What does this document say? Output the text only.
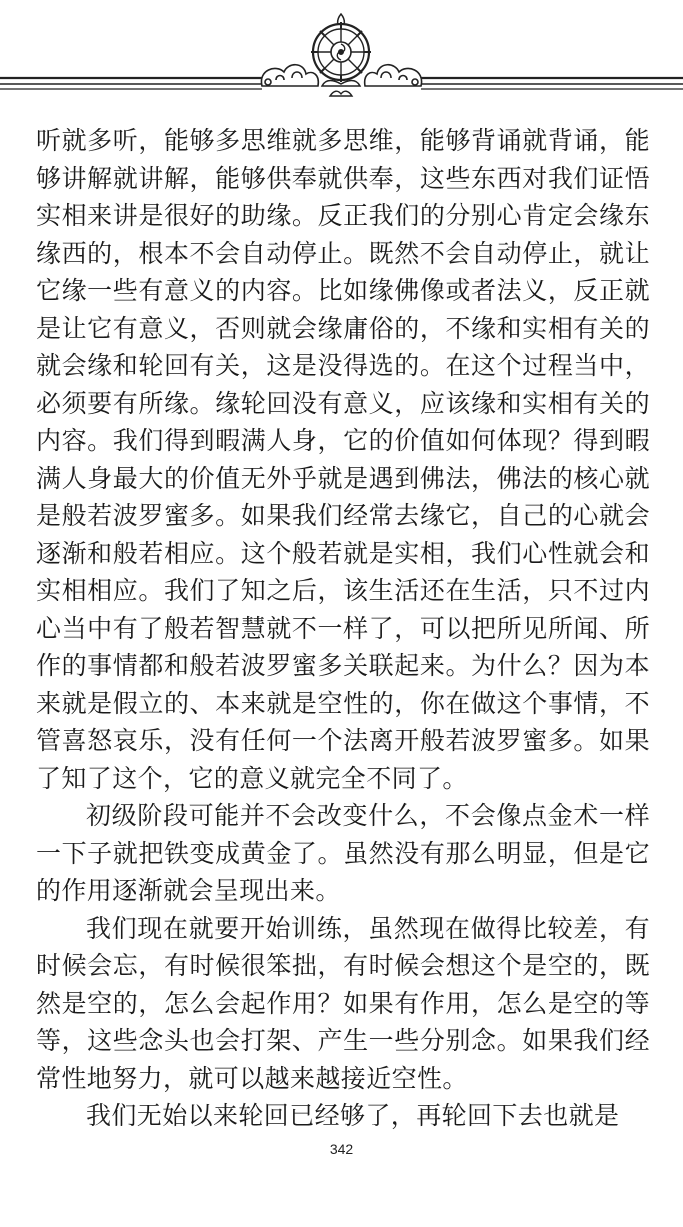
听就多听，能够多思维就多思维，能够背诵就背诵，能够讲解就讲解，能够供奉就供奉，这些东西对我们证悟实相来讲是很好的助缘。反正我们的分别心肯定会缘东缘西的，根本不会自动停止。既然不会自动停止，就让它缘一些有意义的内容。比如缘佛像或者法义，反正就是让它有意义，否则就会缘庸俗的，不缘和实相有关的就会缘和轮回有关，这是没得选的。在这个过程当中，必须要有所缘。缘轮回没有意义，应该缘和实相有关的内容。我们得到暇满人身，它的价值如何体现？得到暇满人身最大的价值无外乎就是遇到佛法，佛法的核心就是般若波罗蜜多。如果我们经常去缘它，自己的心就会逐渐和般若相应。这个般若就是实相，我们心性就会和实相相应。我们了知之后，该生活还在生活，只不过内心当中有了般若智慧就不一样了，可以把所见所闻、所作的事情都和般若波罗蜜多关联起来。为什么？因为本来就是假立的、本来就是空性的，你在做这个事情，不管喜怒哀乐，没有任何一个法离开般若波罗蜜多。如果了知了这个，它的意义就完全不同了。

初级阶段可能并不会改变什么，不会像点金术一样一下子就把铁变成黄金了。虽然没有那么明显，但是它的作用逐渐就会呈现出来。

我们现在就要开始训练，虽然现在做得比较差，有时候会忘，有时候很笨拙，有时候会想这个是空的，既然是空的，怎么会起作用？如果有作用，怎么是空的等等，这些念头也会打架、产生一些分别念。如果我们经常性地努力，就可以越来越接近空性。

我们无始以来轮回已经够了，再轮回下去也就是

342
